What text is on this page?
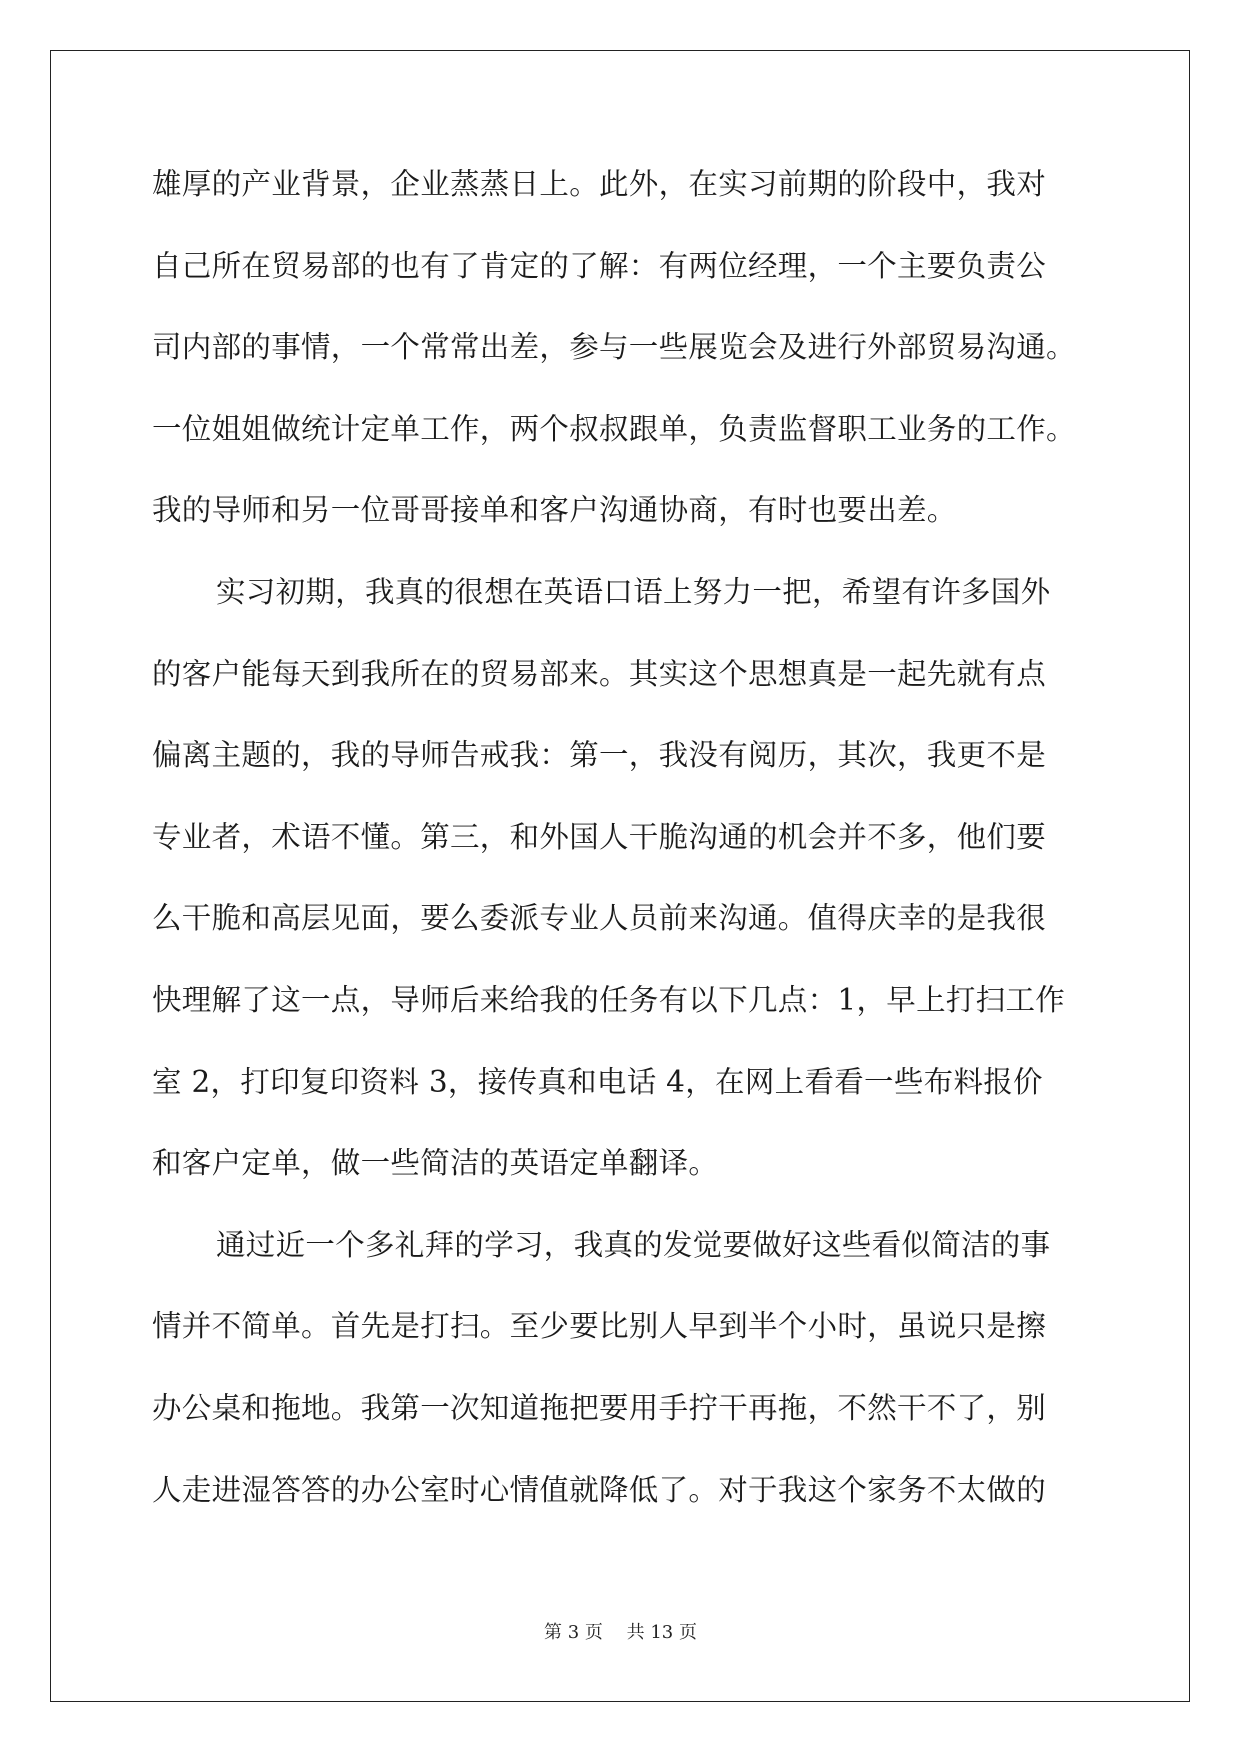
雄厚的产业背景，企业蒸蒸日上。此外，在实习前期的阶段中，我对
自己所在贸易部的也有了肯定的了解：有两位经理，一个主要负责公
司内部的事情，一个常常出差，参与一些展览会及进行外部贸易沟通。
一位姐姐做统计定单工作，两个叔叔跟单，负责监督职工业务的工作。
我的导师和另一位哥哥接单和客户沟通协商，有时也要出差。
实习初期，我真的很想在英语口语上努力一把，希望有许多国外
的客户能每天到我所在的贸易部来。其实这个思想真是一起先就有点
偏离主题的，我的导师告戒我：第一，我没有阅历，其次，我更不是
专业者，术语不懂。第三，和外国人干脆沟通的机会并不多，他们要
么干脆和高层见面，要么委派专业人员前来沟通。值得庆幸的是我很
快理解了这一点，导师后来给我的任务有以下几点：1，早上打扫工作
室 2，打印复印资料 3，接传真和电话 4，在网上看看一些布料报价
和客户定单，做一些简洁的英语定单翻译。
通过近一个多礼拜的学习，我真的发觉要做好这些看似简洁的事
情并不简单。首先是打扫。至少要比别人早到半个小时，虽说只是擦
办公桌和拖地。我第一次知道拖把要用手拧干再拖，不然干不了，别
人走进湿答答的办公室时心情值就降低了。对于我这个家务不太做的
第 3 页　 共 13 页
